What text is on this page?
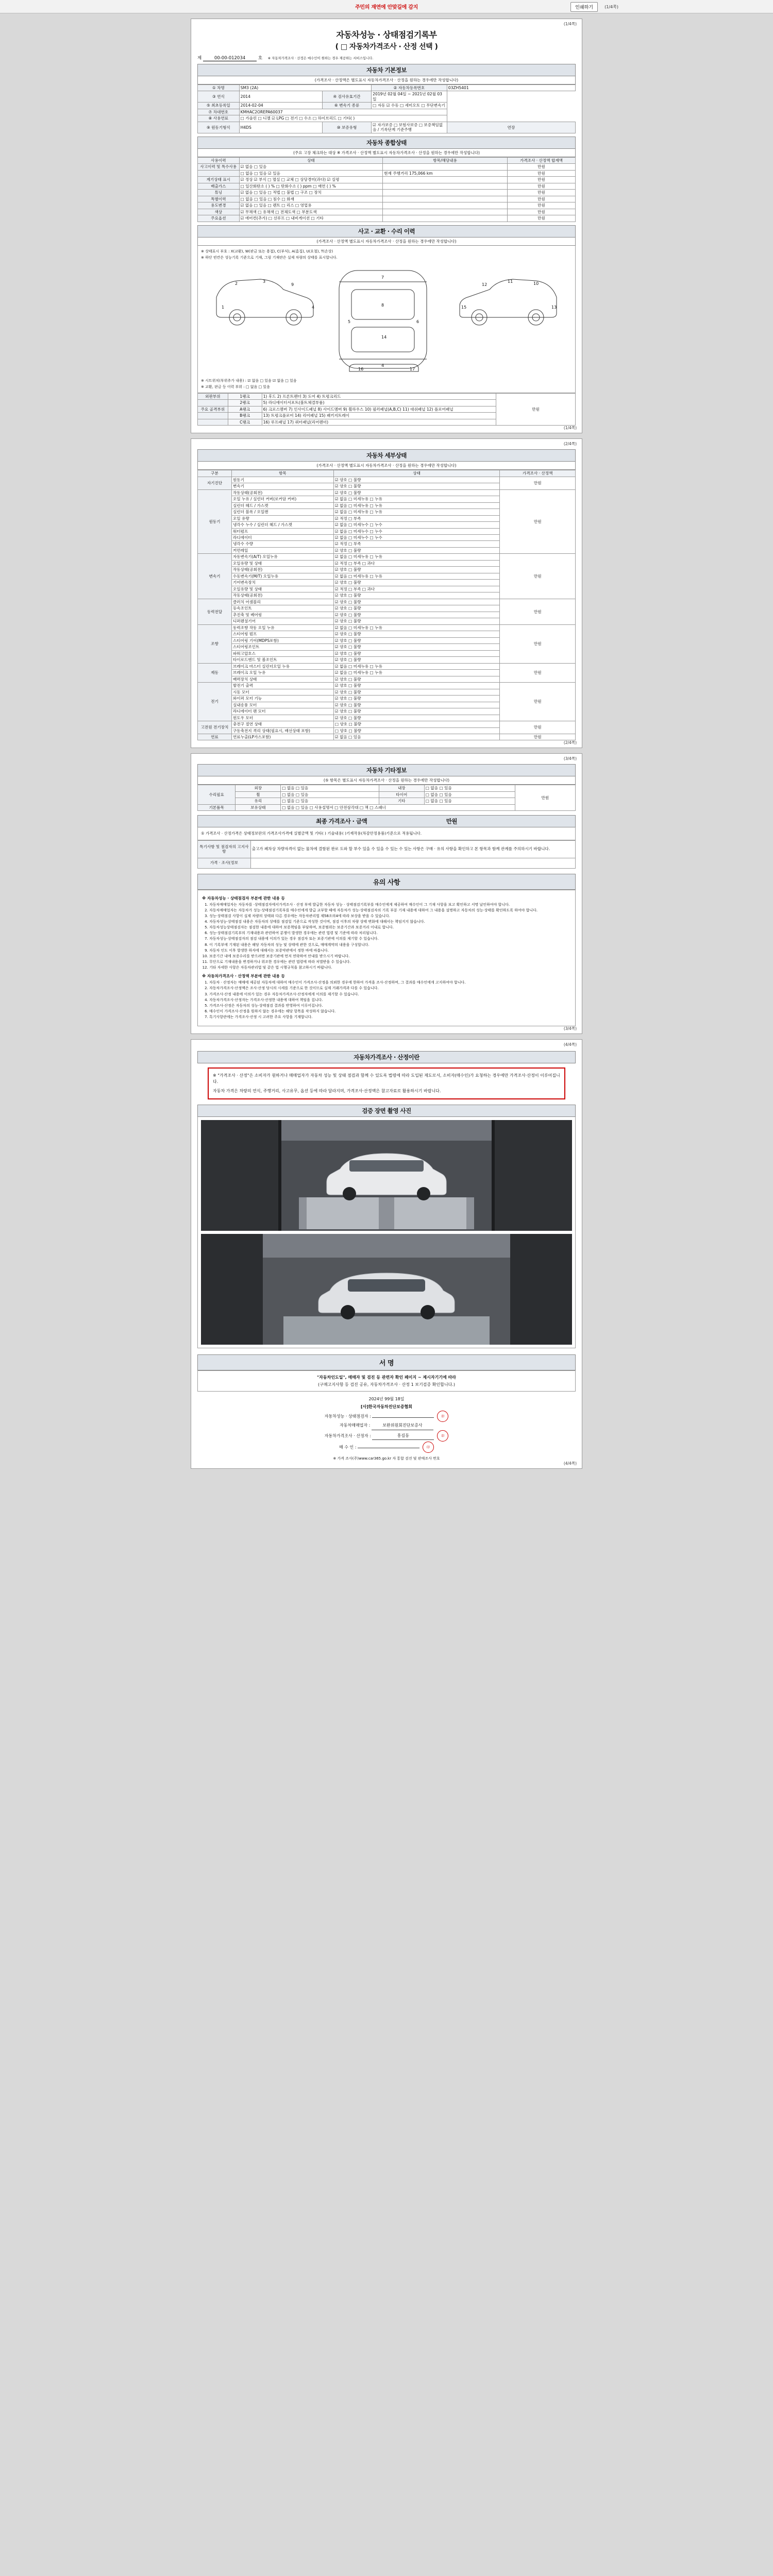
주민의 재연에 안맞길에 감지	인쇄하기	(1/4쪽)
(1/4쪽)
자동차성능 · 상태점검기록부
( □ 자동차가격조사 · 산정 선택 )
제	00-00-012034	호 ※ 자동차가격조사 · 산정은 매수인이 원하는 경우 제공하는 서비스입니다.
자동차 기본정보
(가격조사 · 산정액은 별도표시 자동차가격조사 · 산정을 원하는 경우에만 작성합니다)
① 차명	SM3 (2A)		② 자동차등록번호	03ZH5401
③ 연식	2014	④ 검사유효기간	2019년 02월 04일 ~ 2021년 02월 03일	
⑤ 최초등록일	2014-02-04	⑥ 변속기 종류	□ 자동 ☑ 수동 □ 세미오토 □ 무단변속기	
⑦ 차대번호	KMHAC2OREPA60037			
⑧ 사용연료	□ 가솔린 □ 디젤 ☑ LPG □ 전기 □ 수소 □ 하이브리드 □ 기타( )			
⑨ 원동기형식	H4DS	⑩ 보증유형	☑ 자가보증 □ 보험사보증 □ 보증책임없음 / 기록단계 기준주행	연장
자동차 종합상태
(주요 고장 체크하는 대상 ※ 가격조사 · 산정액 별도표시 자동차가격조사 · 산정을 원하는 경우에만 작성합니다)
사용이력	상태	항목/해당내용	가격조사 · 산정액 합계액
사고이력 및 특수사용	☑ 없음 □ 있음		만원
	□ 없음 □ 있음 ☑ 있음	현재 주행거리 175,066 km	만원
계기상태 표시	☑ 정상 ☑ 부식 □ 멸실 □ 교체 □ 상당경미(과다) ☑ 실평		만원
배출가스	□ 일산화탄소 ( ) % □ 탄화수소 ( ) ppm □ 매연 ( ) %		만원
튜닝	☑ 없음 □ 있음 □ 적법 □ 불법 □ 구조 □ 장치		만원
특별이력	□ 없음 □ 있음 □ 침수 □ 화재		만원
용도변경	☑ 없음 □ 있음 □ 렌트 □ 리스 □ 영업용		만원
색상	☑ 무채색 □ 유채색 □ 전체도색 □ 부분도색		만원
주요옵션	☑ 에어컨(추가) □ 선루프 □ 내비게이션 □ 기타		만원
사고 · 교환 · 수리 이력
(가격조사 · 산정액 별도표시 자동차가격조사 · 산정을 원하는 경우에만 작성합니다)
※ 상태표시 부호 : X(교환), W(판금 또는 용접), C(부식), A(흠집), U(요철), T(손상)
※ 하단 빈칸은 성능기록 기준으로 기재, 그림 기재란은 실제 차량의 상태를 표시합니다.
2	3
9
1	4
7
8
14
5	6
4
10
11
12
13
15
16	17
※ 시트위치(부위추가 내용) : ☑ 없음 □ 있음 ☑ 없음 □ 있음
※ 교환, 판금 등 이력 부위 : □ 없음 □ 있음
외판부위	1랭크	1) 후드 2) 프론트펜더 3) 도어 4) 트렁크리드	만원
	2랭크	5) 라디에이터서포트(볼트체결부품)	
주요 골격부위	A랭크	6) 크로스멤버 7) 인사이드패널 8) 사이드멤버 9) 휠하우스 10) 필러패널(A,B,C) 11) 대쉬패널 12) 플로어패널	
	B랭크	13) 트렁크플로어 14) 리어패널 15) 패키지트레이	
	C랭크	16) 루프패널 17) 쿼터패널(리어펜더)	
(1/4쪽)
(2/4쪽)
자동차 세부상태
(가격조사 · 산정액 별도표시 자동차가격조사 · 산정을 원하는 경우에만 작성합니다)
구분	항목	상태	가격조사 · 산정액
자기진단	원동기	☑ 양호 □ 불량	만원
	변속기	☑ 양호 □ 불량	
원동기	작동상태(공회전)	☑ 양호 □ 불량	만원
	오일 누유 / 실린더 커버(로커암 커버)	☑ 없음 □ 미세누유 □ 누유	
	실린더 헤드 / 가스켓	☑ 없음 □ 미세누유 □ 누유	
	실린더 블록 / 오일팬	☑ 없음 □ 미세누유 □ 누유	
	오일 유량	☑ 적정 □ 부족	
	냉각수 누수 / 실린더 헤드 / 가스켓	☑ 없음 □ 미세누수 □ 누수	
	워터펌프	☑ 없음 □ 미세누수 □ 누수	
	라디에이터	☑ 없음 □ 미세누수 □ 누수	
	냉각수 수량	☑ 적정 □ 부족	
	커먼레일	☑ 양호 □ 불량	
변속기	자동변속기(A/T) 오일누유	☑ 없음 □ 미세누유 □ 누유	만원
	오일유량 및 상태	☑ 적정 □ 부족 □ 과다	
	작동상태(공회전)	☑ 양호 □ 불량	
	수동변속기(M/T) 오일누유	☑ 없음 □ 미세누유 □ 누유	
	기어변속장치	☑ 양호 □ 불량	
	오일유량 및 상태	☑ 적정 □ 부족 □ 과다	
	작동상태(공회전)	☑ 양호 □ 불량	
동력전달	클러치 어셈블리	☑ 양호 □ 불량	만원
	등속조인트	☑ 양호 □ 불량	
	추진축 및 베어링	☑ 양호 □ 불량	
	디퍼렌셜기어	☑ 양호 □ 불량	
조향	동력조향 작동 오일 누유	☑ 없음 □ 미세누유 □ 누유	만원
	스티어링 펌프	☑ 양호 □ 불량	
	스티어링 기어(MDPS포함)	☑ 양호 □ 불량	
	스티어링조인트	☑ 양호 □ 불량	
	파워고압호스	☑ 양호 □ 불량	
	타이로드엔드 및 볼조인트	☑ 양호 □ 불량	
제동	브레이크 마스터 실린더오일 누유	☑ 없음 □ 미세누유 □ 누유	만원
	브레이크 오일 누유	☑ 없음 □ 미세누유 □ 누유	
	배력장치 상태	☑ 양호 □ 불량	
전기	발전기 출력	☑ 양호 □ 불량	만원
	시동 모터	☑ 양호 □ 불량	
	와이퍼 모터 기능	☑ 양호 □ 불량	
	실내송풍 모터	☑ 양호 □ 불량	
	라디에이터 팬 모터	☑ 양호 □ 불량	
	윈도우 모터	☑ 양호 □ 불량	
고전원 전기장치	충전구 절연 상태	□ 양호 □ 불량	만원
	구동축전지 격리 상태(필요시, 배선상태 포함)	□ 양호 □ 불량	
연료	연료누출(LP가스포함)	☑ 없음 □ 있음	만원
(2/4쪽)
(3/4쪽)
자동차 기타정보
(⑤ 항목은 별도표시 자동차가격조사 · 산정을 원하는 경우에만 작성합니다)
수리필요	외장	□ 없음 □ 있음	내장	□ 없음 □ 있음	만원
	휠	□ 없음 □ 있음	타이어	□ 없음 □ 있음	
	유리	□ 없음 □ 있음	기타	□ 없음 □ 있음	
기본품목	보유상태	□ 없음 □ 있음 □ 사용설명서 □ 안전삼각대 □ 잭 □ 스패너			
최종 가격조사 · 금액	만원
① 가격조사 · 산정가격은 상태정보란의 가격조사가격에 실별금액 및 기타( ) 기술내용( )기재작용(차감안정용품)기준으로 적용됩니다.
특기사항 및 점검자의 고지사항	출고가 폐차상 차량자격이 없는 물차에 결함된 판로 도와 할 부수 있을 수 있을 수 있는 수 있는 사항은 구매 · 유의 사항을 확인하고 본 항목과 함께 관계를 주의하시기 바랍니다.
가격 · 조사(정보	
유의 사항
※ 자동차성능 · 상태점검자 부분에 관한 내용 등
1. 자동차매매업자는 자동차를 ·상태점검자에서가격조사 · 산정 부에 발급한 자동차 성능 · 상태점검기록부를 매수인에게 제공하여 매수인이 그 기재 사항을 보고 확인하고 서명 날인하여야 합니다.
2. 자동차매매업자는 자동차가 성능·상태점검기록부를 매수인에게 발급 교부할 때에 자동차가 성능·상태점검자의 기록 부분 기재 내용에 대하여 그 내용을 설명하고 자동차의 성능·상태를 확인하도록 하여야 합니다.
3. 성능·상태점검 사항이 실제 차량의 상태와 다른 경우에는 자동차관리법 제58조의4에 따라 보상을 받을 수 있습니다.
4. 자동차성능·상태점검 내용은 자동차의 상태를 점검일 기준으로 작성한 것이며, 점검 이후의 차량 상태 변화에 대해서는 책임지지 않습니다.
5. 자동차성능상태점검자는 점검한 내용에 대하여 보증책임을 부담하며, 보증범위는 보증기간과 보증거리 이내로 합니다.
6. 성능·상태점검기록부의 기재내용과 관련하여 분쟁이 발생한 경우에는 관련 법령 및 기준에 따라 처리됩니다.
7. 자동차성능·상태점검자의 점검 내용에 이의가 있는 경우 점검자 또는 보증기관에 이의를 제기할 수 있습니다.
8. 이 기록부에 기재된 내용은 해당 자동차의 성능 및 상태에 관한 것으로, 매매계약의 내용을 구성합니다.
9. 자동차 인도 이후 발생한 하자에 대해서는 보증약관에서 정한 바에 따릅니다.
10. 보증기간 내에 보증수리를 받으려면 보증기관에 먼저 연락하여 안내를 받으시기 바랍니다.
11. 무단으로 기재내용을 변경하거나 위조한 경우에는 관련 법령에 따라 처벌받을 수 있습니다.
12. 기타 자세한 사항은 자동차관리법 및 같은 법 시행규칙을 참고하시기 바랍니다.
※ 자동차가격조사 · 산정액 부분에 관한 내용 등
1. 자동차 · 산정자는 매매에 제공된 자동차에 대하여 매수인이 가격조사·산정을 의뢰한 경우에 한하여 가격을 조사·산정하며, 그 결과를 매수인에게 고지하여야 합니다.
2. 자동차가격조사·산정액은 조사·산정 당시의 시세를 기준으로 한 것이므로 실제 거래가격과 다를 수 있습니다.
3. 가격조사·산정 내용에 이의가 있는 경우 자동차가격조사·산정자에게 이의를 제기할 수 있습니다.
4. 자동차가격조사·산정자는 가격조사·산정한 내용에 대하여 책임을 집니다.
5. 가격조사·산정은 자동차의 성능·상태점검 결과를 반영하여 이루어집니다.
6. 매수인이 가격조사·산정을 원하지 않는 경우에는 해당 항목을 작성하지 않습니다.
7. 특기사항란에는 가격조사·산정 시 고려한 주요 사항을 기재합니다.
(3/4쪽)
(4/4쪽)
자동차가격조사 · 산정이란
※ "가격조사 · 산정"은 소비자가 원하거나 매매업자가 자동차 성능 및 상태 점검과 함께 수 있도록 법령에 따라 도입된 제도로서, 소비자(매수인)가 요청하는 경우에만 가격조사·산정이 이루어집니다.
자동차 가격은 차량의 연식, 주행거리, 사고유무, 옵션 등에 따라 달라지며, 가격조사·산정액은 참고자료로 활용하시기 바랍니다.
검증 장면 촬영 사진
서 명
"자동차인도일", 매매자 및 검진 등 관련자 확인 페이지 ~ 제시자기기에 따라
(구매고지사항 등 검진 공유, 자동차가격조사 · 산정 1 보기검증 확인합니다.)
2024년 99월 18일
[사]한국자동차진단보증협회
자동차성능 · 상태점검자 :	印
자동차매매업자 :	보완위원회진단보증사
자동차가격조사 · 산정자 :	홍길동	印
매 수 인 :	印
※ 가격 조사(주)www.car365.go.kr 자 통합 검진 및 판매조사 번호
(4/4쪽)
